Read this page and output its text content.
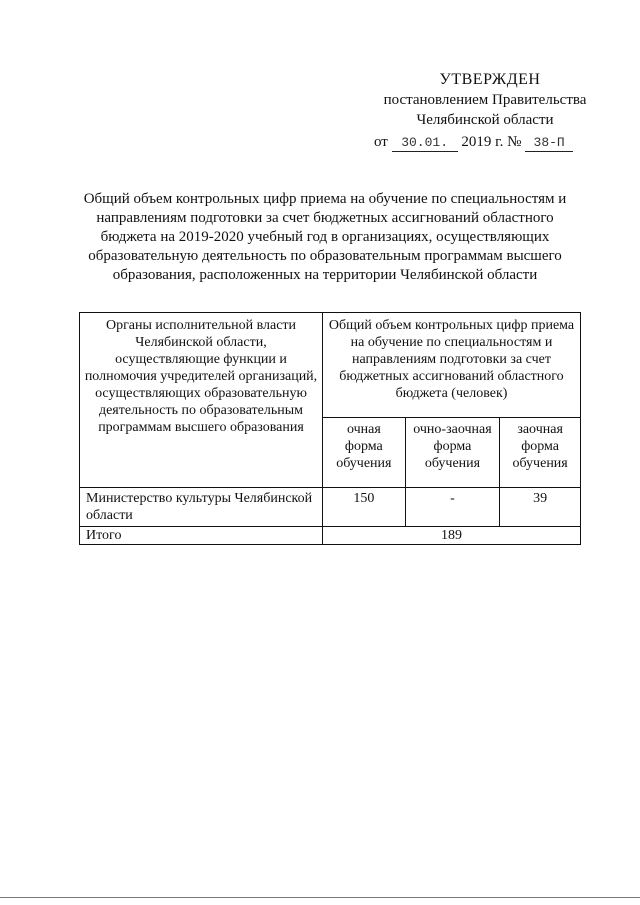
УТВЕРЖДЕН
постановлением Правительства
Челябинской области
от 30.01. 2019 г. № 38-П
Общий объем контрольных цифр приема на обучение по специальностям и направлениям подготовки за счет бюджетных ассигнований областного бюджета на 2019-2020 учебный год в организациях, осуществляющих образовательную деятельность по образовательным программам высшего образования, расположенных на территории Челябинской области
Органы исполнительной власти Челябинской области, осуществляющие функции и полномочия учредителей организаций, осуществляющих образовательную деятельность по образовательным программам высшего образования	Общий объем контрольных цифр приема на обучение по специальностям и направлениям подготовки за счет бюджетных ассигнований областного бюджета (человек)		
	очная форма обучения	очно-заочная форма обучения	заочная форма обучения
Министерство культуры Челябинской области	150	-	39
Итого	189		
